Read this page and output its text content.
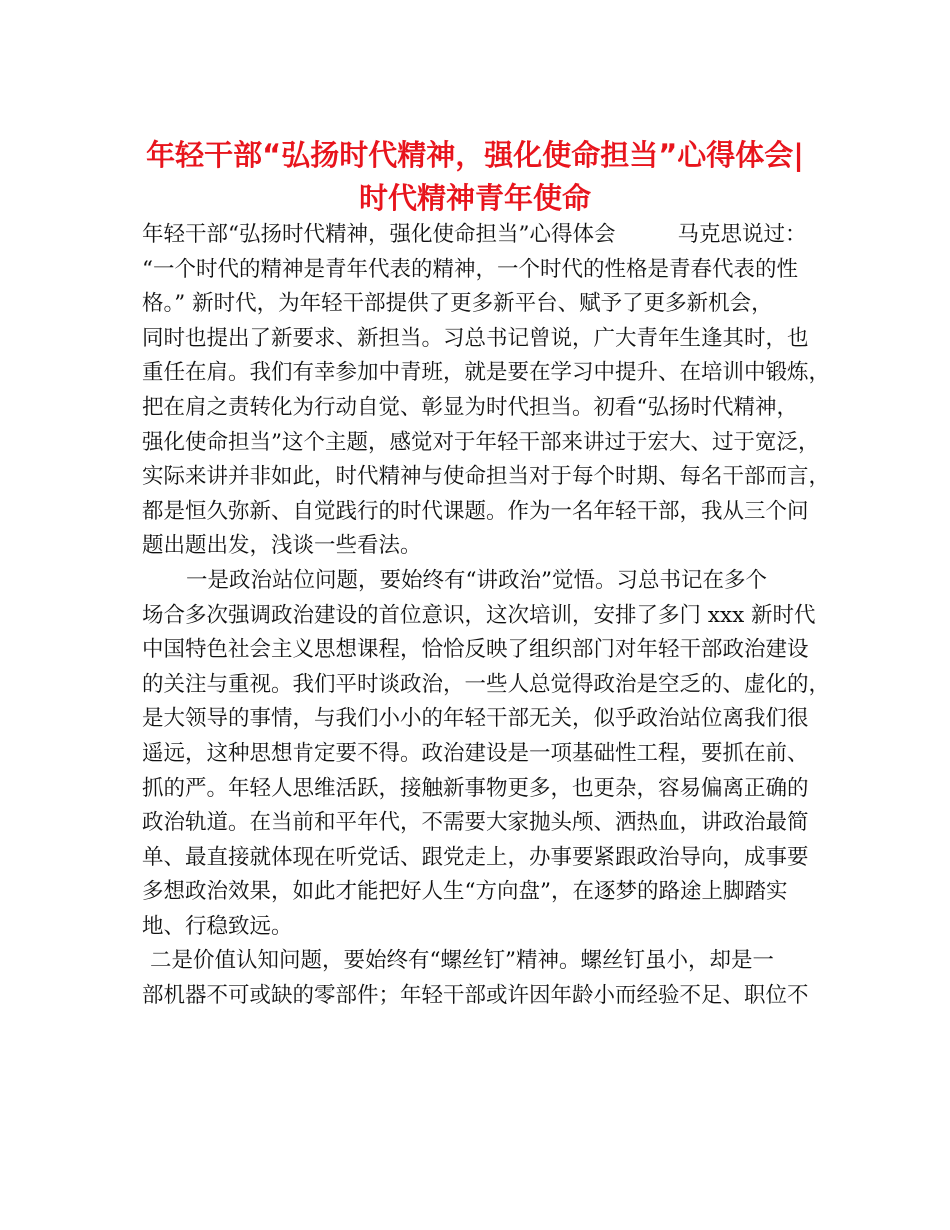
年轻干部“弘扬时代精神，强化使命担当”心得体会|
时代精神青年使命
年轻干部“弘扬时代精神，强化使命担当”心得体会	马克思说过：
“一个时代的精神是青年代表的精神，一个时代的性格是青春代表的性
格。” 新时代，为年轻干部提供了更多新平台、赋予了更多新机会，
同时也提出了新要求、新担当。习总书记曾说，广大青年生逢其时，也
重任在肩。我们有幸参加中青班，就是要在学习中提升、在培训中锻炼，
把在肩之责转化为行动自觉、彰显为时代担当。初看“弘扬时代精神，
强化使命担当”这个主题，感觉对于年轻干部来讲过于宏大、过于宽泛，
实际来讲并非如此，时代精神与使命担当对于每个时期、每名干部而言，
都是恒久弥新、自觉践行的时代课题。作为一名年轻干部，我从三个问
题出题出发，浅谈一些看法。
一是政治站位问题，要始终有“讲政治”觉悟。习总书记在多个
场合多次强调政治建设的首位意识，这次培训，安排了多门 xxx 新时代
中国特色社会主义思想课程，恰恰反映了组织部门对年轻干部政治建设
的关注与重视。我们平时谈政治，一些人总觉得政治是空乏的、虚化的，
是大领导的事情，与我们小小的年轻干部无关，似乎政治站位离我们很
遥远，这种思想肯定要不得。政治建设是一项基础性工程，要抓在前、
抓的严。年轻人思维活跃，接触新事物更多，也更杂，容易偏离正确的
政治轨道。在当前和平年代，不需要大家抛头颅、洒热血，讲政治最简
单、最直接就体现在听党话、跟党走上，办事要紧跟政治导向，成事要
多想政治效果，如此才能把好人生“方向盘”，在逐梦的路途上脚踏实
地、行稳致远。
二是价值认知问题，要始终有“螺丝钉”精神。螺丝钉虽小，却是一
部机器不可或缺的零部件；年轻干部或许因年龄小而经验不足、职位不
